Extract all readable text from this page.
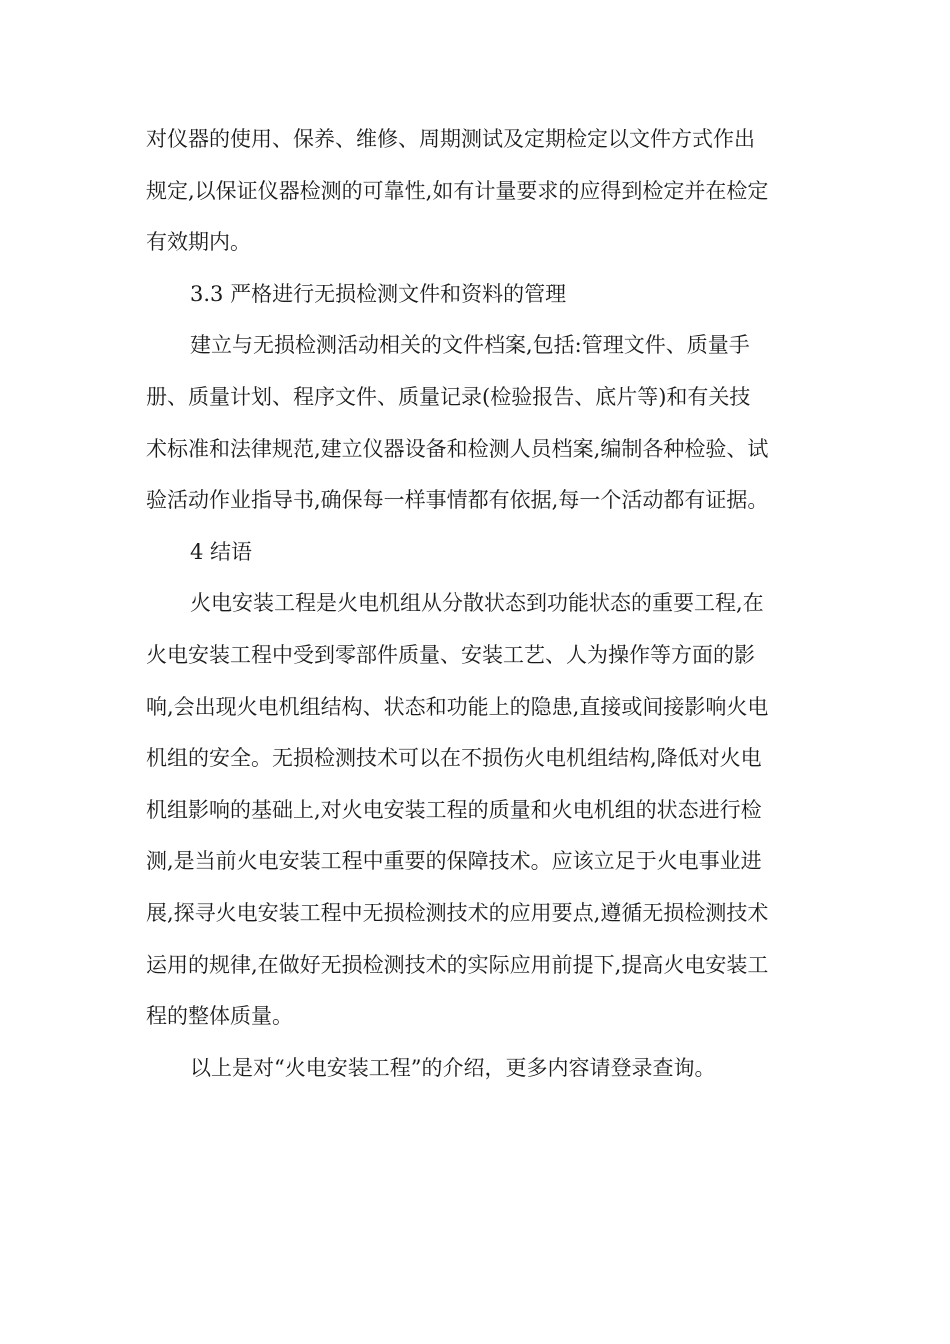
对仪器的使用、保养、维修、周期测试及定期检定以文件方式作出
规定,以保证仪器检测的可靠性,如有计量要求的应得到检定并在检定
有效期内。
3.3 严格进行无损检测文件和资料的管理
建立与无损检测活动相关的文件档案,包括:管理文件、质量手
册、质量计划、程序文件、质量记录(检验报告、底片等)和有关技
术标准和法律规范,建立仪器设备和检测人员档案,编制各种检验、试
验活动作业指导书,确保每一样事情都有依据,每一个活动都有证据。
4 结语
火电安装工程是火电机组从分散状态到功能状态的重要工程,在
火电安装工程中受到零部件质量、安装工艺、人为操作等方面的影
响,会出现火电机组结构、状态和功能上的隐患,直接或间接影响火电
机组的安全。无损检测技术可以在不损伤火电机组结构,降低对火电
机组影响的基础上,对火电安装工程的质量和火电机组的状态进行检
测,是当前火电安装工程中重要的保障技术。应该立足于火电事业进
展,探寻火电安装工程中无损检测技术的应用要点,遵循无损检测技术
运用的规律,在做好无损检测技术的实际应用前提下,提高火电安装工
程的整体质量。
以上是对“火电安装工程”的介绍，更多内容请登录查询。
